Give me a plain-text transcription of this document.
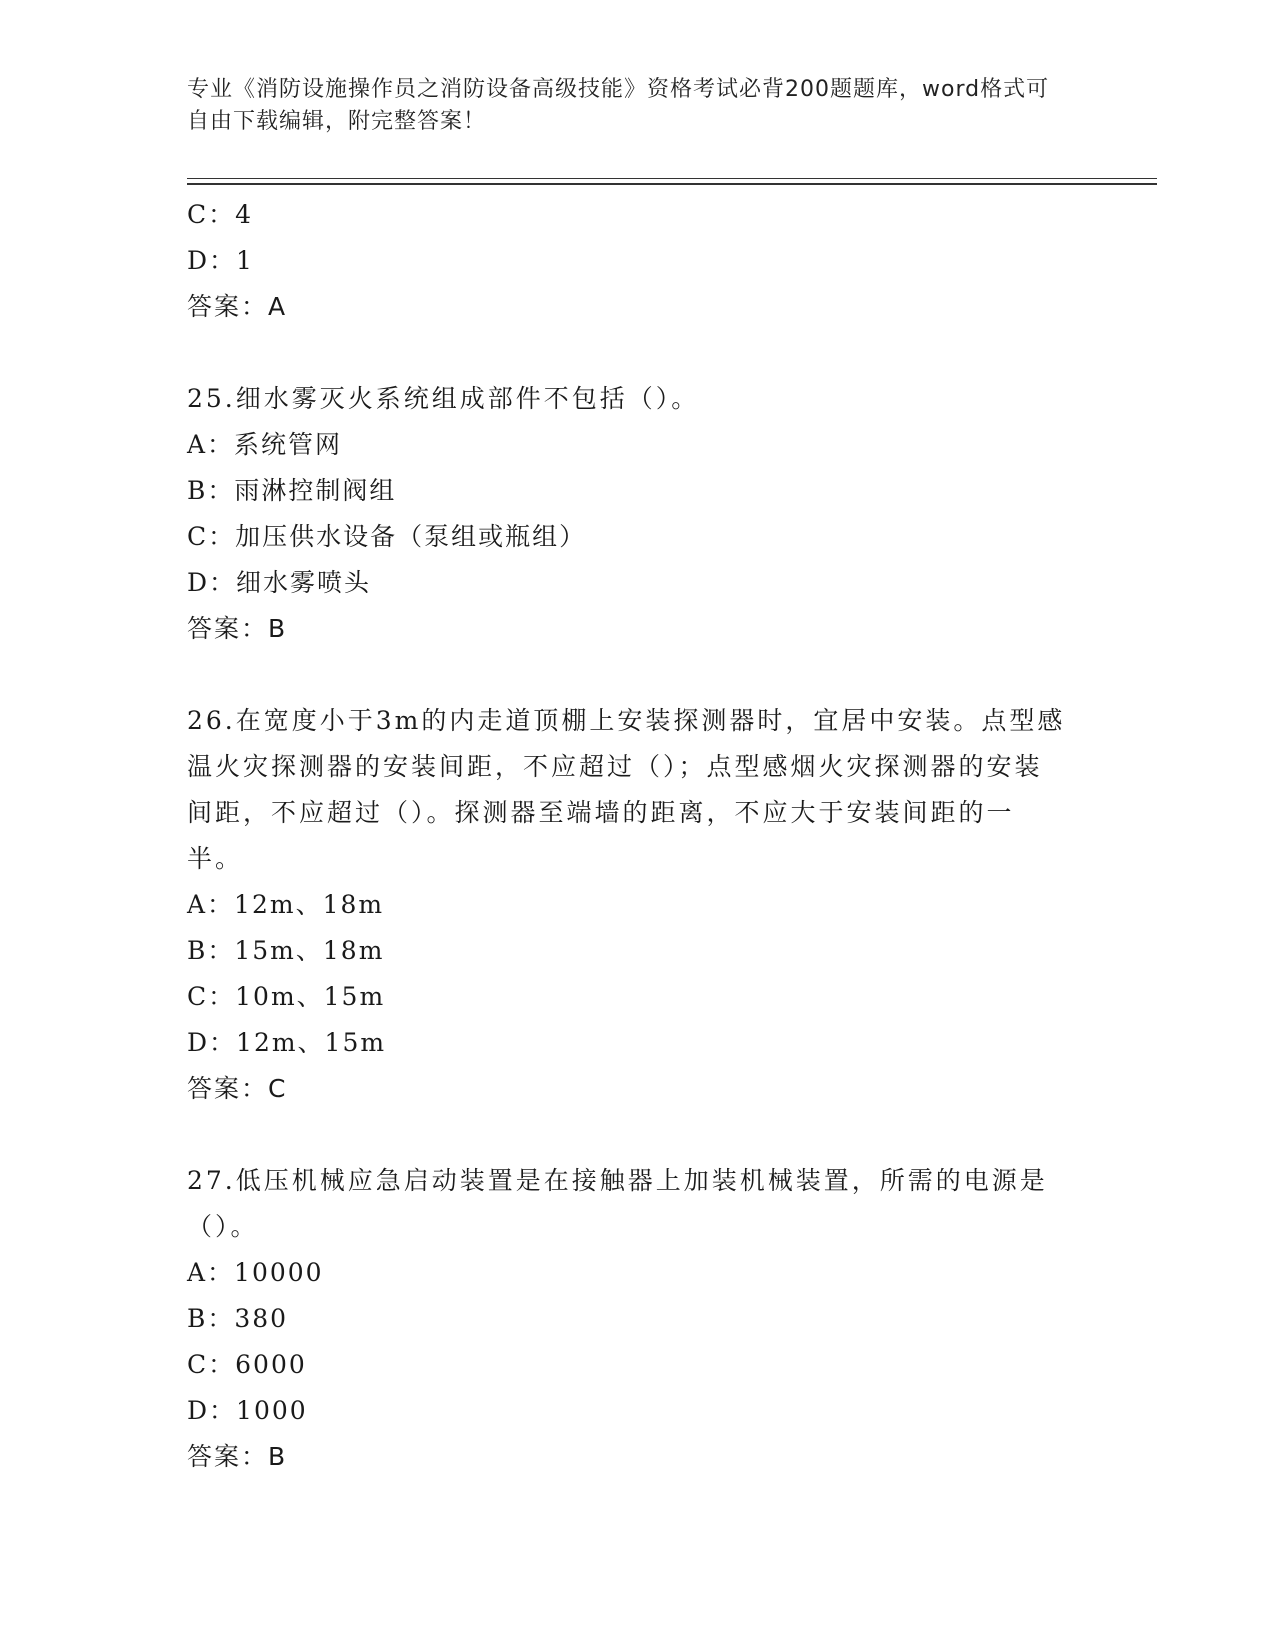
专业《消防设施操作员之消防设备高级技能》资格考试必背200题题库，word格式可自由下载编辑，附完整答案！
C：4
D：1
答案：A
25.细水雾灭火系统组成部件不包括（）。
A：系统管网
B：雨淋控制阀组
C：加压供水设备（泵组或瓶组）
D：细水雾喷头
答案：B
26.在宽度小于3m的内走道顶棚上安装探测器时，宜居中安装。点型感温火灾探测器的安装间距，不应超过（）；点型感烟火灾探测器的安装间距，不应超过（）。探测器至端墙的距离，不应大于安装间距的一半。
A：12m、18m
B：15m、18m
C：10m、15m
D：12m、15m
答案：C
27.低压机械应急启动装置是在接触器上加装机械装置，所需的电源是（）。
A：10000
B：380
C：6000
D：1000
答案：B
